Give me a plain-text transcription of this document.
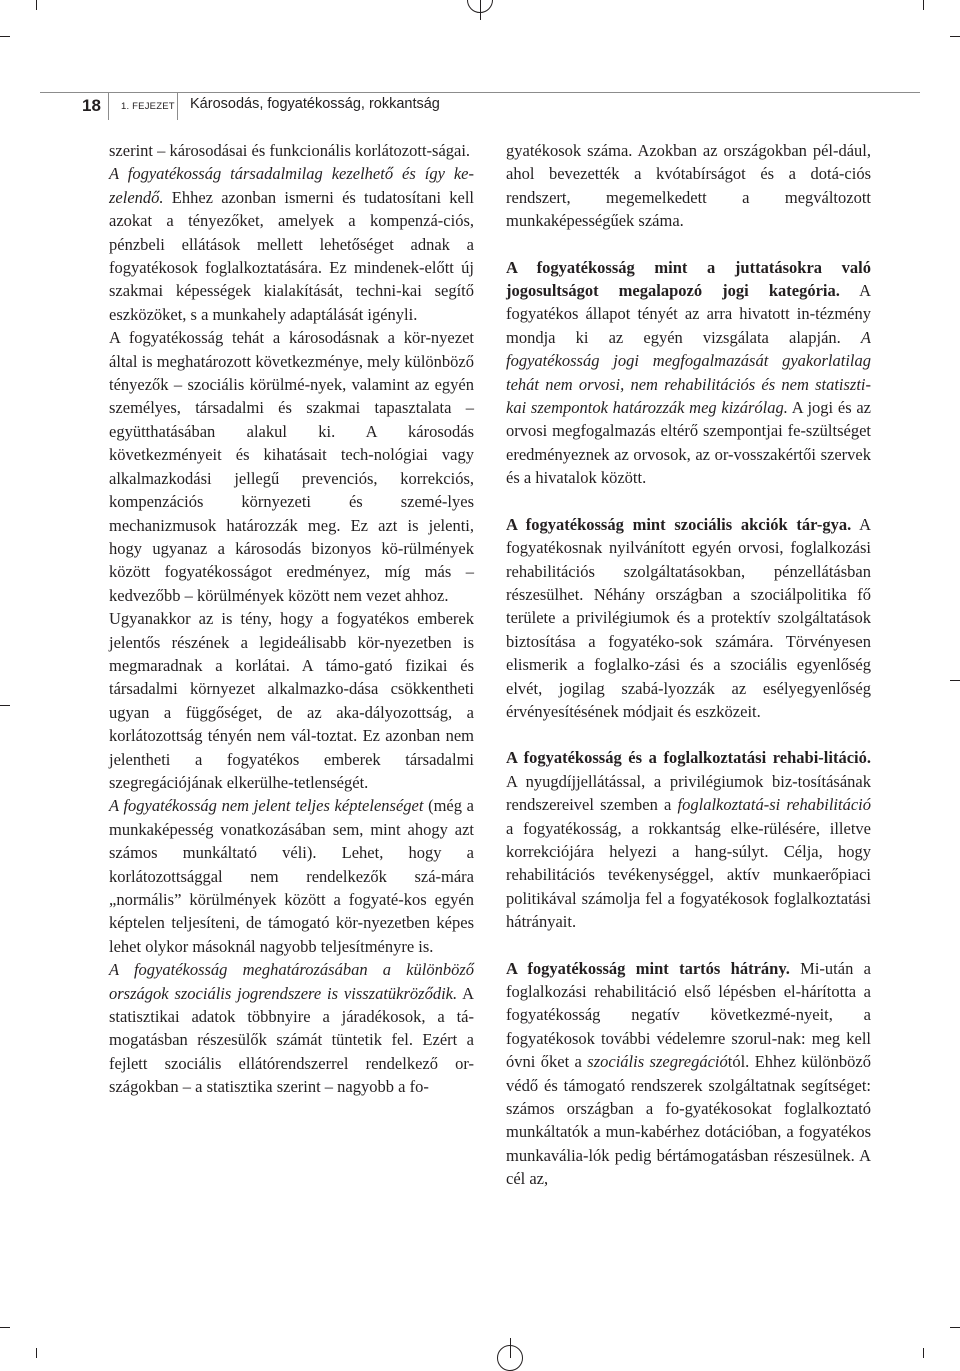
18 1. FEJEZET Károsodás, fogyatékosság, rokkantság

szerint – károsodásai és funkcionális korlátozott-ságai.

A fogyatékosság társadalmilag kezelhető és így ke-zelendő. Ehhez azonban ismerni és tudatosítani kell azokat a tényezőket, amelyek a kompenzá-ciós, pénzbeli ellátások mellett lehetőséget adnak a fogyatékosok foglalkoztatására. Ez mindenek-előtt új szakmai képességek kialakítását, techni-kai segítő eszközöket, s a munkahely adaptálását igényli.

A fogyatékosság tehát a károsodásnak a kör-nyezet által is meghatározott következménye, mely különböző tényezők – szociális körülmé-nyek, valamint az egyén személyes, társadalmi és szakmai tapasztalata – együtthatásában alakul ki. A károsodás következményeit és kihatásait tech-nológiai vagy alkalmazkodási jellegű prevenciós, korrekciós, kompenzációs környezeti és szemé-lyes mechanizmusok határozzák meg. Ez azt is jelenti, hogy ugyanaz a károsodás bizonyos kö-rülmények között fogyatékosságot eredményez, míg más – kedvezőbb – körülmények között nem vezet ahhoz.

Ugyanakkor az is tény, hogy a fogyatékos emberek jelentős részének a legideálisabb kör-nyezetben is megmaradnak a korlátai. A támo-gató fizikai és társadalmi környezet alkalmazko-dása csökkentheti ugyan a függőséget, de az aka-dályozottság, a korlátozottság tényén nem vál-toztat. Ez azonban nem jelentheti a fogyatékos emberek társadalmi szegregációjának elkerülhe-tetlenségét.

A fogyatékosság nem jelent teljes képtelenséget (még a munkaképesség vonatkozásában sem, mint ahogy azt számos munkáltató véli). Lehet, hogy a korlátozottsággal nem rendelkezők szá-mára „normális” körülmények között a fogyaté-kos egyén képtelen teljesíteni, de támogató kör-nyezetben képes lehet olykor másoknál nagyobb teljesítményre is.

A fogyatékosság meghatározásában a különböző országok szociális jogrendszere is visszatükröződik. A statisztikai adatok többnyire a járadékosok, a tá-mogatásban részesülők számát tüntetik fel. Ezért a fejlett szociális ellátórendszerrel rendelkező or-szágokban – a statisztika szerint – nagyobb a fo-

gyatékosok száma. Azokban az országokban pél-dául, ahol bevezették a kvótabírságot és a dotá-ciós rendszert, megemelkedett a megváltozott munkaképességűek száma.

A fogyatékosság mint a juttatásokra való jogosultságot megalapozó jogi kategória. A fogyatékos állapot tényét az arra hivatott in-tézmény mondja ki az egyén vizsgálata alapján. A fogyatékosság jogi megfogalmazását gyakorlatilag tehát nem orvosi, nem rehabilitációs és nem statiszti-kai szempontok határozzák meg kizárólag. A jogi és az orvosi megfogalmazás eltérő szempontjai fe-szültséget eredményeznek az orvosok, az or-vosszakértői szervek és a hivatalok között.

A fogyatékosság mint szociális akciók tár-gya. A fogyatékosnak nyilvánított egyén orvosi, foglalkozási rehabilitációs szolgáltatásokban, pénzellátásban részesülhet. Néhány országban a szociálpolitika fő területe a privilégiumok és a protektív szolgáltatások biztosítása a fogyatéko-sok számára. Törvényesen elismerik a foglalko-zási és a szociális egyenlőség elvét, jogilag szabá-lyozzák az esélyegyenlőség érvényesítésének módjait és eszközeit.

A fogyatékosság és a foglalkoztatási rehabi-litáció. A nyugdíjjellátással, a privilégiumok biz-tosításának rendszereivel szemben a foglalkoztatá-si rehabilitáció a fogyatékosság, a rokkantság elke-rülésére, illetve korrekciójára helyezi a hang-súlyt. Célja, hogy rehabilitációs tevékenységgel, aktív munkaerőpiaci politikával számolja fel a fogyatékosok foglalkoztatási hátrányait.

A fogyatékosság mint tartós hátrány. Mi-után a foglalkozási rehabilitáció első lépésben el-hárította a fogyatékosság negatív következmé-nyeit, a fogyatékosok további védelemre szorul-nak: meg kell óvni őket a szociális szegregációtól. Ehhez különböző védő és támogató rendszerek szolgáltatnak segítséget: számos országban a fo-gyatékosokat foglalkoztató munkáltatók a mun-kabérhez dotációban, a fogyatékos munkavália-lók pedig bértámogatásban részesülnek. A cél az,
